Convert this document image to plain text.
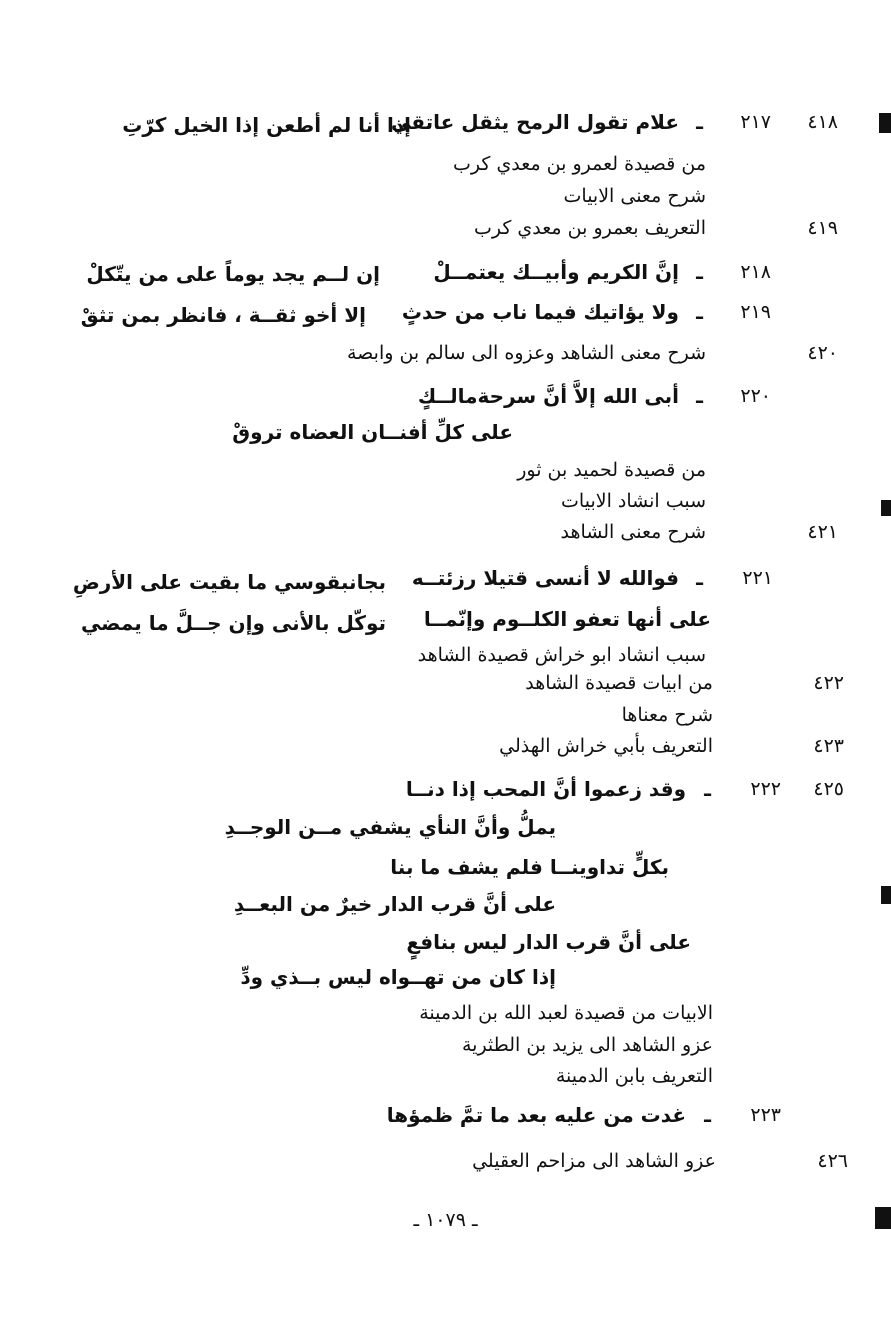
٤١٨
٤١٩
٤٢٠
٤٢١
٤٢٢
٤٢٣
٤٢٥
٤٢٦
٢١٧
٢١٨
٢١٩
٢٢٠
٢٢١
٢٢٢
٢٢٣
ـ
ـ
ـ
ـ
ـ
ـ
ـ
علام تقول الرمح يثقل عاتقي
إذا أنا لم أطعن إذا الخيل كرّتِ
من قصيدة لعمرو بن معدي كرب
شرح معنى الابيات
التعريف بعمرو بن معدي كرب
إنَّ الكريم وأبيــك يعتمــلْ
إن لــم يجد يوماً على من يتّكلْ
ولا يؤاتيك فيما ناب من حدثٍ
إلا أخو ثقــة ، فانظر بمن تثقْ
شرح معنى الشاهد وعزوه الى سالم بن وابصة
أبى الله إلاَّ أنَّ سرحةمالــكٍ
على كلِّ أفنــان العضاه تروقْ
من قصيدة لحميد بن ثور
سبب انشاد الابيات
شرح معنى الشاهد
فوالله لا أنسى قتيلا رزئتــه
بجانبقوسي ما بقيت على الأرضِ
على أنها تعفو الكلــوم وإنّمــا
توكّل بالأنى وإن جــلَّ ما يمضي
سبب انشاد ابو خراش قصيدة الشاهد
من ابيات قصيدة الشاهد
شرح معناها
التعريف بأبي خراش الهذلي
وقد زعموا أنَّ المحب إذا دنــا
يملُّ وأنَّ النأي يشفي مــن الوجــدِ
بكلٍّ تداوينــا فلم يشف ما بنا
على أنَّ قرب الدار خيرٌ من البعــدِ
على أنَّ قرب الدار ليس بنافعٍ
إذا كان من تهــواه ليس بــذي ودِّ
الابيات من قصيدة لعبد الله بن الدمينة
عزو الشاهد الى يزيد بن الطثرية
التعريف بابن الدمينة
غدت من عليه بعد ما تمَّ ظمؤها
عزو الشاهد الى مزاحم العقيلي
ـ ١٠٧٩ ـ
